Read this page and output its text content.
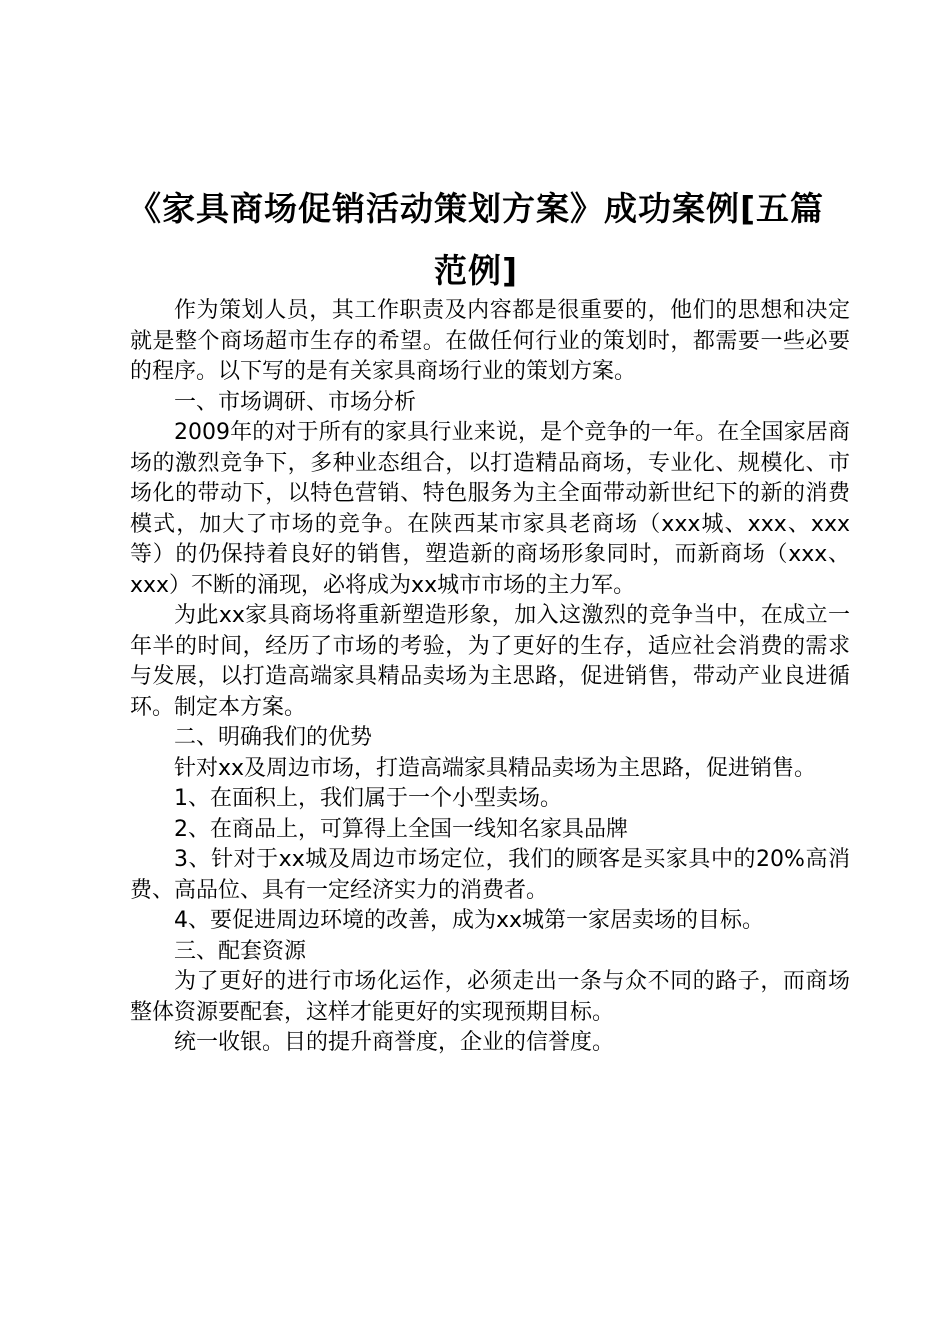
《家具商场促销活动策划方案》成功案例[五篇范例]

作为策划人员，其工作职责及内容都是很重要的，他们的思想和决定就是整个商场超市生存的希望。在做任何行业的策划时，都需要一些必要的程序。以下写的是有关家具商场行业的策划方案。

一、市场调研、市场分析

2009年的对于所有的家具行业来说，是个竞争的一年。在全国家居商场的激烈竞争下，多种业态组合，以打造精品商场，专业化、规模化、市场化的带动下，以特色营销、特色服务为主全面带动新世纪下的新的消费模式，加大了市场的竞争。在陕西某市家具老商场（xxx城、xxx、xxx等）的仍保持着良好的销售，塑造新的商场形象同时，而新商场（xxx、xxx）不断的涌现，必将成为xx城市市场的主力军。

为此xx家具商场将重新塑造形象，加入这激烈的竞争当中，在成立一年半的时间，经历了市场的考验，为了更好的生存，适应社会消费的需求与发展，以打造高端家具精品卖场为主思路，促进销售，带动产业良进循环。制定本方案。

二、明确我们的优势

针对xx及周边市场，打造高端家具精品卖场为主思路，促进销售。

1、在面积上，我们属于一个小型卖场。

2、在商品上，可算得上全国一线知名家具品牌

3、针对于xx城及周边市场定位，我们的顾客是买家具中的20%高消费、高品位、具有一定经济实力的消费者。

4、要促进周边环境的改善，成为xx城第一家居卖场的目标。

三、配套资源

为了更好的进行市场化运作，必须走出一条与众不同的路子，而商场整体资源要配套，这样才能更好的实现预期目标。

统一收银。目的提升商誉度，企业的信誉度。
